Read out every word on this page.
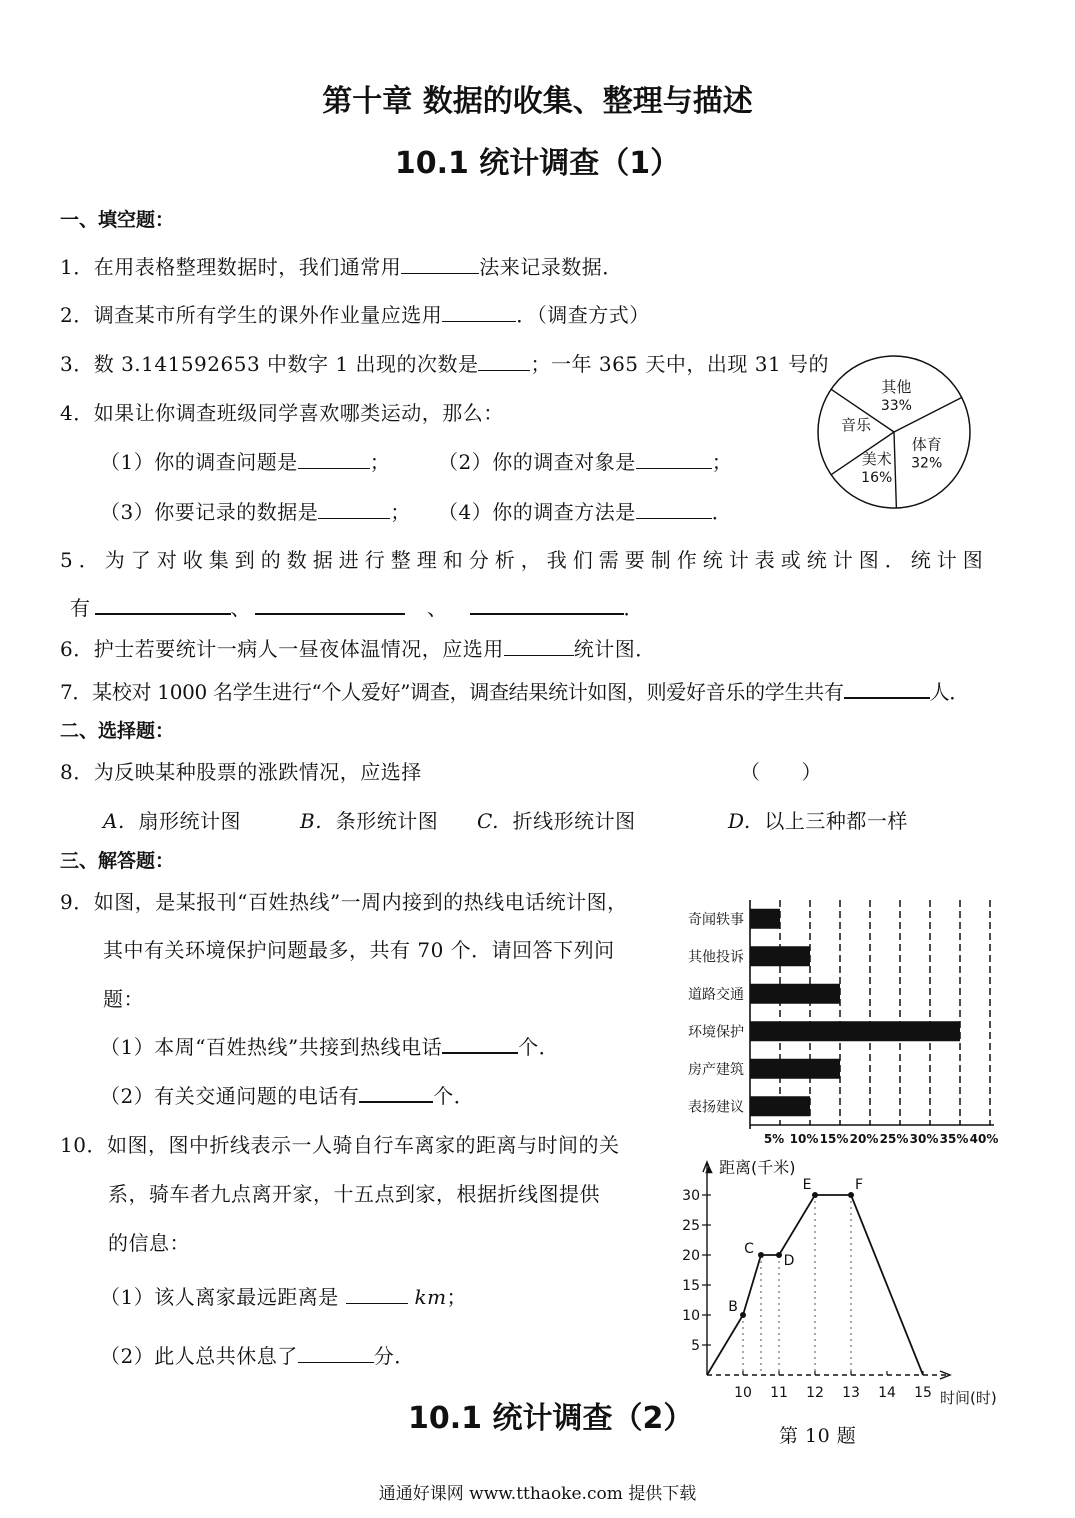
第十章 数据的收集、整理与描述
10.1 统计调查（1）
一、填空题：
1．在用表格整理数据时，我们通常用	法来记录数据．
2．调查某市所有学生的课外作业量应选用	．（调查方式）
3．数 3.141592653 中数字 1 出现的次数是	；一年 365 天中，出现 31 号的
4．如果让你调查班级同学喜欢哪类运动，那么：
（1）你的调查问题是	； （2）你的调查对象是	；
（3）你要记录的数据是	； （4）你的调查方法是	．
体育
32%
美术
16%
音乐
其他
33%
5．为了对收集到的数据进行整理和分析，我们需要制作统计表或统计图．统计图
有	、	、	．
6．护士若要统计一病人一昼夜体温情况，应选用	统计图．
7．某校对 1000 名学生进行“个人爱好”调查，调查结果统计如图，则爱好音乐的学生共有	人．
二、选择题：
8．为反映某种股票的涨跌情况，应选择	（　　）
A. 扇形统计图	B. 条形统计图 C. 折线形统计图	D. 以上三种都一样
三、解答题：
9．如图，是某报刊“百姓热线”一周内接到的热线电话统计图，
其中有关环境保护问题最多，共有 70 个．请回答下列问
题：
（1）本周“百姓热线”共接到热线电话	个．
（2）有关交通问题的电话有	个．
5% 10% 15% 20% 25% 30% 35% 40%
奇闻轶事
其他投诉
道路交通
环境保护
房产建筑
表扬建议
10．如图，图中折线表示一人骑自行车离家的距离与时间的关
系，骑车者九点离开家，十五点到家，根据折线图提供
的信息：
（1）该人离家最远距离是	km；
（2）此人总共休息了	分．
▲ 距离(千米)
时间(时)
5
10
15
20
25
30
10 11 12 13 14 15
B
C
D
E	F
第 10 题
10.1 统计调查（2）
通通好课网 www.tthaoke.com 提供下载
